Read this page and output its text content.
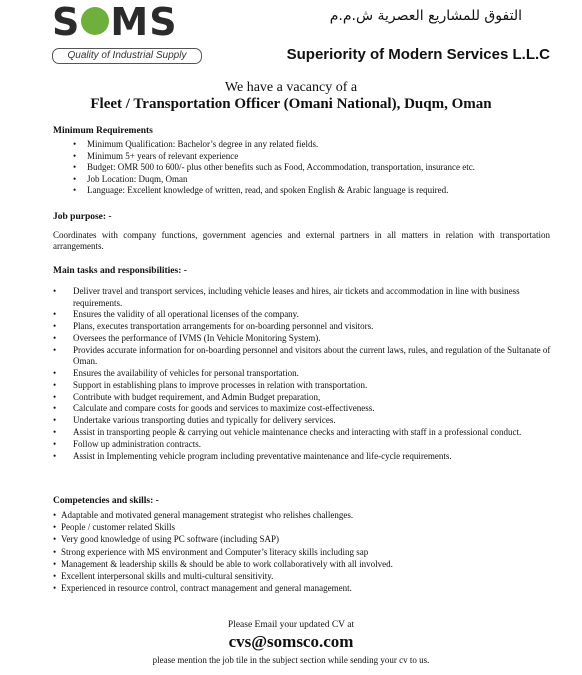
S MS
Quality of Industrial Supply
التفوق للمشاريع العصرية ش.م.م
Superiority of Modern Services L.L.C
We have a vacancy of a
Fleet / Transportation Officer (Omani National), Duqm, Oman
Minimum Requirements
• Minimum Qualification: Bachelor’s degree in any related fields.
• Minimum 5+ years of relevant experience
• Budget: OMR 500 to 600/- plus other benefits such as Food, Accommodation, transportation, insurance etc.
• Job Location: Duqm, Oman
• Language: Excellent knowledge of written, read, and spoken English & Arabic language is required.
Job purpose: -
Coordinates with company functions, government agencies and external partners in all matters in relation with transportation arrangements.
Main tasks and responsibilities: -
• Deliver travel and transport services, including vehicle leases and hires, air tickets and accommodation in line with business requirements.
• Ensures the validity of all operational licenses of the company.
• Plans, executes transportation arrangements for on-boarding personnel and visitors.
• Oversees the performance of IVMS (In Vehicle Monitoring System).
• Provides accurate information for on-boarding personnel and visitors about the current laws, rules, and regulation of the Sultanate of Oman.
• Ensures the availability of vehicles for personal transportation.
• Support in establishing plans to improve processes in relation with transportation.
• Contribute with budget requirement, and Admin Budget preparation,
• Calculate and compare costs for goods and services to maximize cost-effectiveness.
• Undertake various transporting duties and typically for delivery services.
• Assist in transporting people & carrying out vehicle maintenance checks and interacting with staff in a professional conduct.
• Follow up administration contracts.
• Assist in Implementing vehicle program including preventative maintenance and life-cycle requirements.
Competencies and skills: -
• Adaptable and motivated general management strategist who relishes challenges.
• People / customer related Skills
• Very good knowledge of using PC software (including SAP)
• Strong experience with MS environment and Computer’s literacy skills including sap
• Management & leadership skills & should be able to work collaboratively with all involved.
• Excellent interpersonal skills and multi-cultural sensitivity.
• Experienced in resource control, contract management and general management.
Please Email your updated CV at
cvs@somsco.com
please mention the job tile in the subject section while sending your cv to us.
